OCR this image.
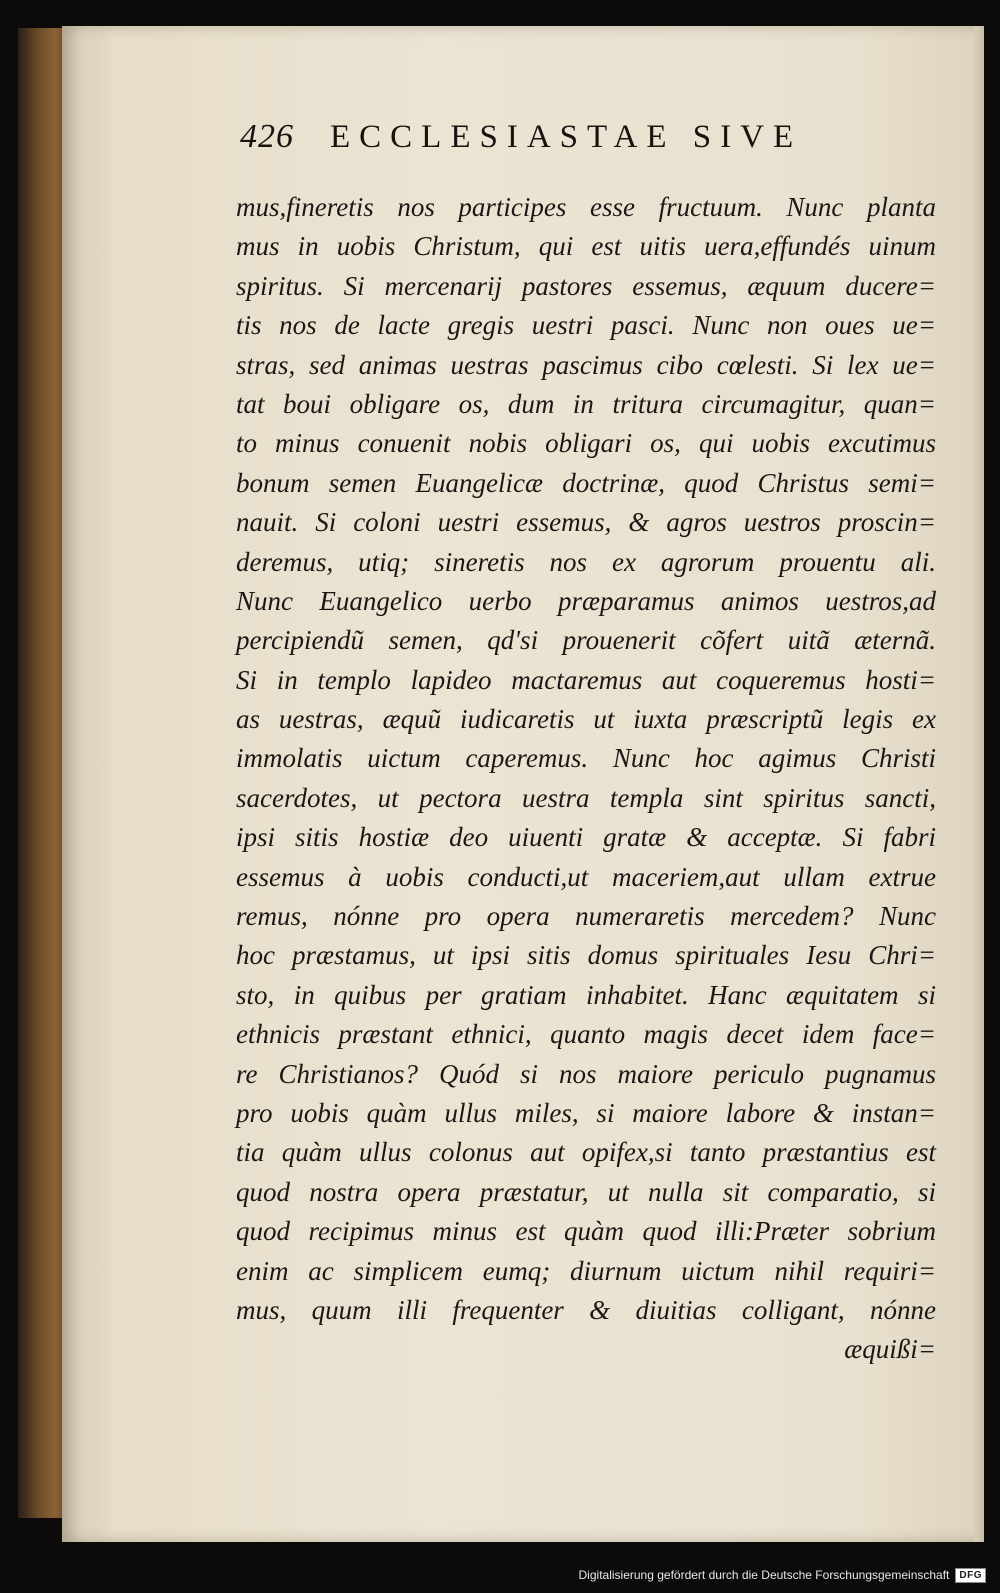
426 ECCLESIASTAE SIVE
mus,fineretis nos participes esse fructuum. Nunc planta
mus in uobis Christum, qui est uitis uera,effundés uinum
spiritus. Si mercenarij pastores essemus, æquum ducere=
tis nos de lacte gregis uestri pasci. Nunc non oues ue=
stras, sed animas uestras pascimus cibo cœlesti. Si lex ue=
tat boui obligare os, dum in tritura circumagitur, quan=
to minus conuenit nobis obligari os, qui uobis excutimus
bonum semen Euangelicæ doctrinæ, quod Christus semi=
nauit. Si coloni uestri essemus, & agros uestros proscin=
deremus, utiq; sineretis nos ex agrorum prouentu ali.
Nunc Euangelico uerbo præparamus animos uestros,ad
percipiendũ semen, qd'si prouenerit cõfert uitã æternã.
Si in templo lapideo mactaremus aut coqueremus hosti=
as uestras, æquũ iudicaretis ut iuxta præscriptũ legis ex
immolatis uictum caperemus. Nunc hoc agimus Christi
sacerdotes, ut pectora uestra templa sint spiritus sancti,
ipsi sitis hostiæ deo uiuenti gratæ & acceptæ. Si fabri
essemus à uobis conducti,ut maceriem,aut ullam extrue
remus, nónne pro opera numeraretis mercedem? Nunc
hoc præstamus, ut ipsi sitis domus spirituales Iesu Chri=
sto, in quibus per gratiam inhabitet. Hanc æquitatem si
ethnicis præstant ethnici, quanto magis decet idem face=
re Christianos? Quód si nos maiore periculo pugnamus
pro uobis quàm ullus miles, si maiore labore & instan=
tia quàm ullus colonus aut opifex,si tanto præstantius est
quod nostra opera præstatur, ut nulla sit comparatio, si
quod recipimus minus est quàm quod illi:Præter sobrium
enim ac simplicem eumq; diurnum uictum nihil requiri=
mus, quum illi frequenter & diuitias colligant, nónne
æquißi=
Digitalisierung gefördert durch die Deutsche Forschungsgemeinschaft	DFG
